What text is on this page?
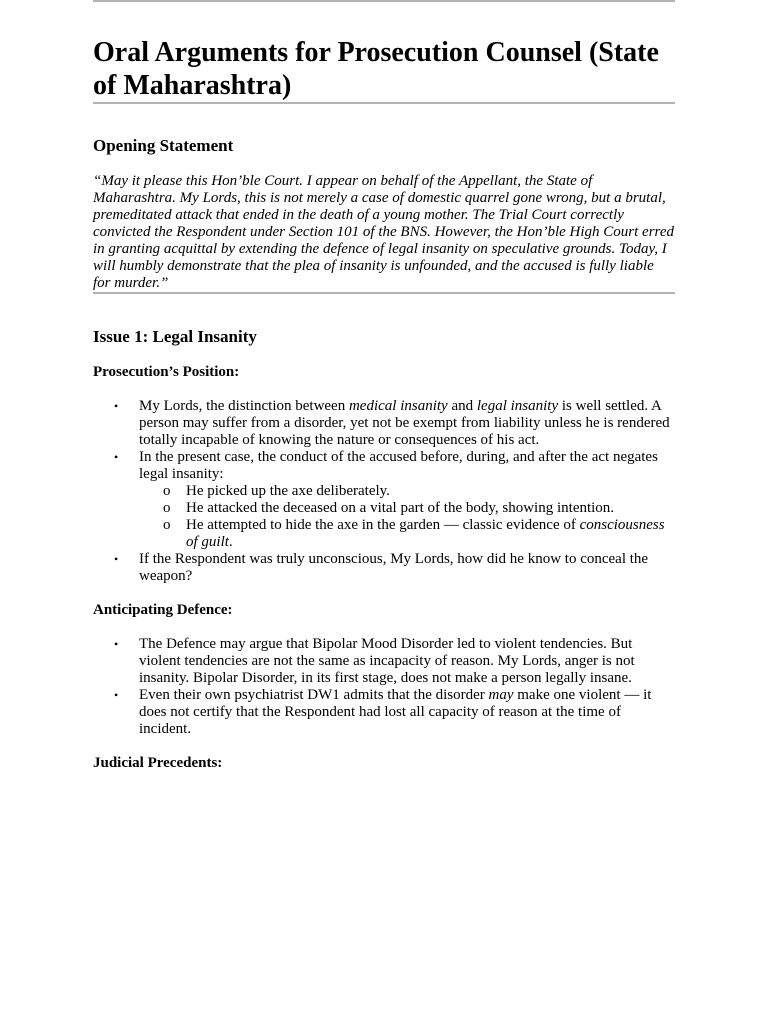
Oral Arguments for Prosecution Counsel (State of Maharashtra)
Opening Statement

“May it please this Hon’ble Court. I appear on behalf of the Appellant, the State of Maharashtra. My Lords, this is not merely a case of domestic quarrel gone wrong, but a brutal, premeditated attack that ended in the death of a young mother. The Trial Court correctly convicted the Respondent under Section 101 of the BNS. However, the Hon’ble High Court erred in granting acquittal by extending the defence of legal insanity on speculative grounds. Today, I will humbly demonstrate that the plea of insanity is unfounded, and the accused is fully liable for murder.”

Issue 1: Legal Insanity

Prosecution’s Position:

• My Lords, the distinction between medical insanity and legal insanity is well settled. A person may suffer from a disorder, yet not be exempt from liability unless he is rendered totally incapable of knowing the nature or consequences of his act.
• In the present case, the conduct of the accused before, during, and after the act negates legal insanity:
o He picked up the axe deliberately.
o He attacked the deceased on a vital part of the body, showing intention.
o He attempted to hide the axe in the garden — classic evidence of consciousness of guilt.
• If the Respondent was truly unconscious, My Lords, how did he know to conceal the weapon?

Anticipating Defence:

• The Defence may argue that Bipolar Mood Disorder led to violent tendencies. But violent tendencies are not the same as incapacity of reason. My Lords, anger is not insanity. Bipolar Disorder, in its first stage, does not make a person legally insane.
• Even their own psychiatrist DW1 admits that the disorder may make one violent — it does not certify that the Respondent had lost all capacity of reason at the time of incident.

Judicial Precedents:
